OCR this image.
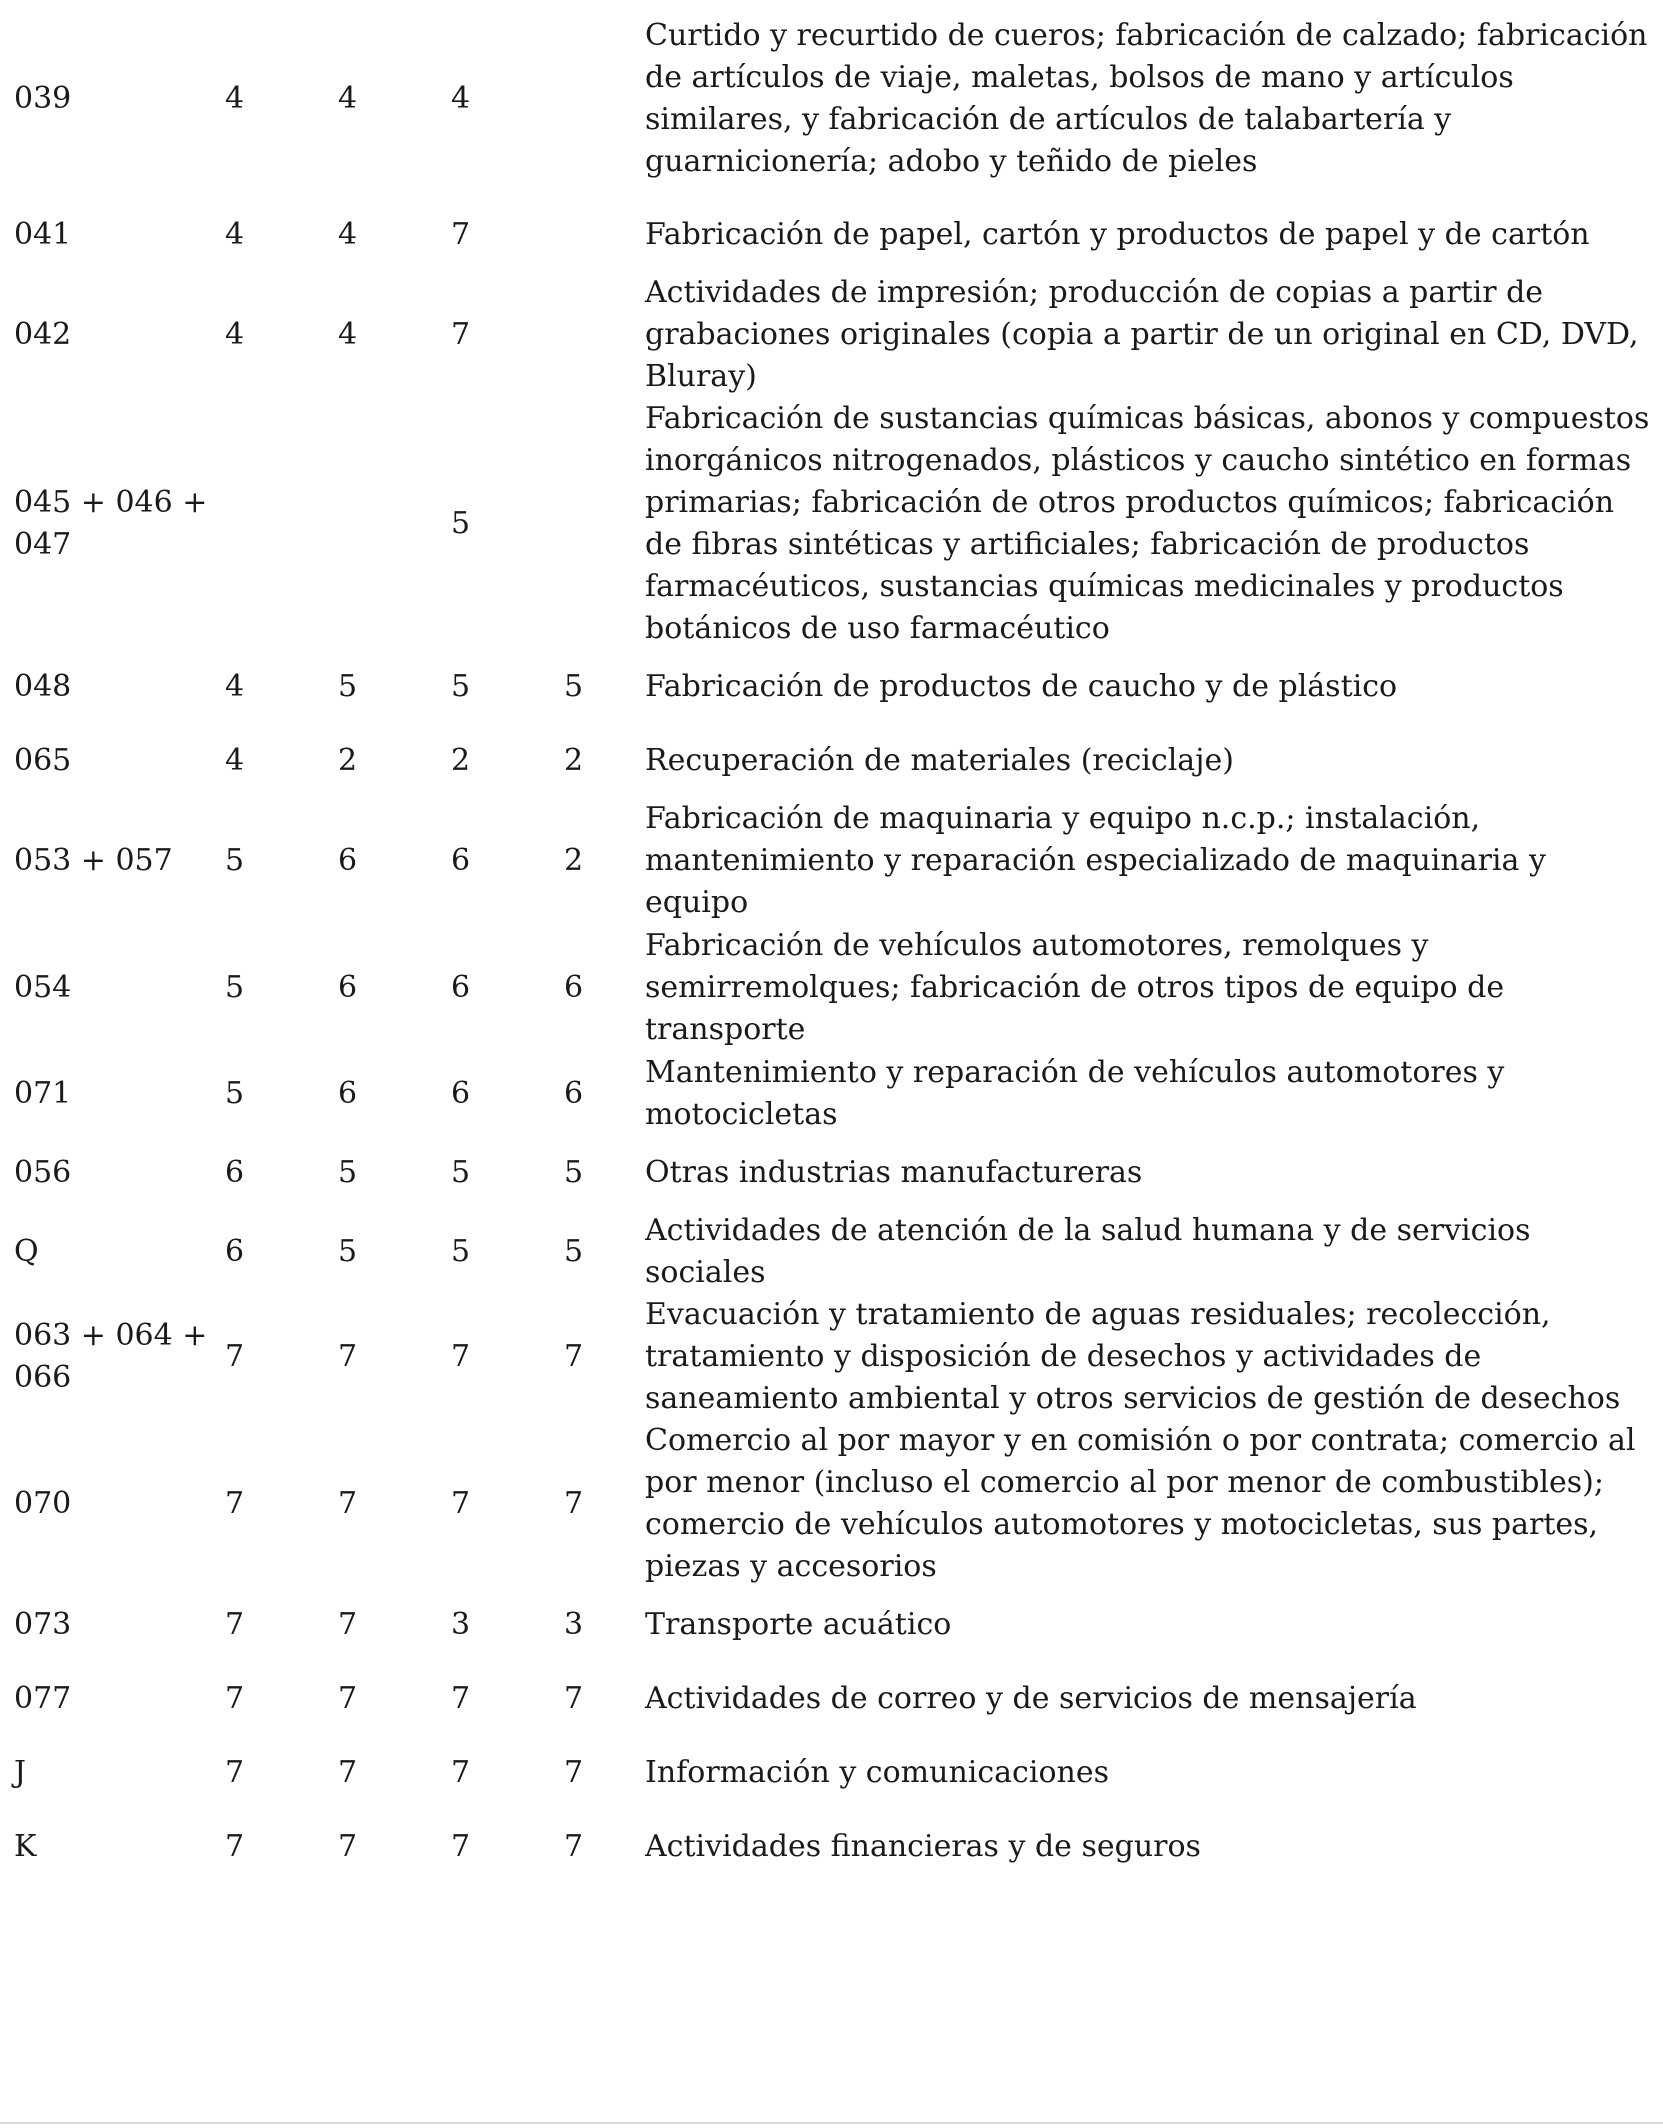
039	4	4	4		Curtido y recurtido de cueros; fabricación de calzado; fabricación de artículos de viaje, maletas, bolsos de mano y artículos similares, y fabricación de artículos de talabartería y guarnicionería; adobo y teñido de pieles
041	4	4	7		Fabricación de papel, cartón y productos de papel y de cartón
042	4	4	7		Actividades de impresión; producción de copias a partir de grabaciones originales (copia a partir de un original en CD, DVD, Bluray)
045 + 046 + 047			5		Fabricación de sustancias químicas básicas, abonos y compuestos inorgánicos nitrogenados, plásticos y caucho sintético en formas primarias; fabricación de otros productos químicos; fabricación de fibras sintéticas y artificiales; fabricación de productos farmacéuticos, sustancias químicas medicinales y productos botánicos de uso farmacéutico
048	4	5	5	5	Fabricación de productos de caucho y de plástico
065	4	2	2	2	Recuperación de materiales (reciclaje)
053 + 057	5	6	6	2	Fabricación de maquinaria y equipo n.c.p.; instalación, mantenimiento y reparación especializado de maquinaria y equipo
054	5	6	6	6	Fabricación de vehículos automotores, remolques y semirremolques; fabricación de otros tipos de equipo de transporte
071	5	6	6	6	Mantenimiento y reparación de vehículos automotores y motocicletas
056	6	5	5	5	Otras industrias manufactureras
Q	6	5	5	5	Actividades de atención de la salud humana y de servicios sociales
063 + 064 + 066	7	7	7	7	Evacuación y tratamiento de aguas residuales; recolección, tratamiento y disposición de desechos y actividades de saneamiento ambiental y otros servicios de gestión de desechos
070	7	7	7	7	Comercio al por mayor y en comisión o por contrata; comercio al por menor (incluso el comercio al por menor de combustibles); comercio de vehículos automotores y motocicletas, sus partes, piezas y accesorios
073	7	7	3	3	Transporte acuático
077	7	7	7	7	Actividades de correo y de servicios de mensajería
J	7	7	7	7	Información y comunicaciones
K	7	7	7	7	Actividades financieras y de seguros
